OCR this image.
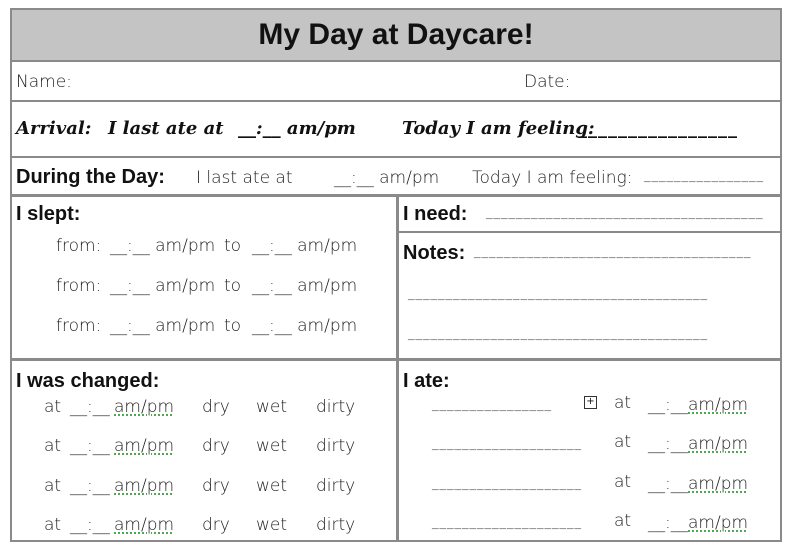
My Day at Daycare!
Name:	Date:
Arrival: I last ate at __:__ am/pm	Today I am feeling:
________________
During the Day: I last ate at __:__ am/pm Today I am feeling: ________________
I slept:
from: __:__ am/pm to __:__ am/pm
from: __:__ am/pm to __:__ am/pm
from: __:__ am/pm to __:__ am/pm
I need: _____________________________________
Notes: _____________________________________
________________________________________
________________________________________
I was changed:
at __:__ am/pm dry wet dirty
at __:__ am/pm dry wet dirty
at __:__ am/pm dry wet dirty
at __:__ am/pm dry wet dirty
I ate:
________________	+ at __:__ am/pm
____________________ at __:__ am/pm
____________________ at __:__ am/pm
____________________ at __:__ am/pm
